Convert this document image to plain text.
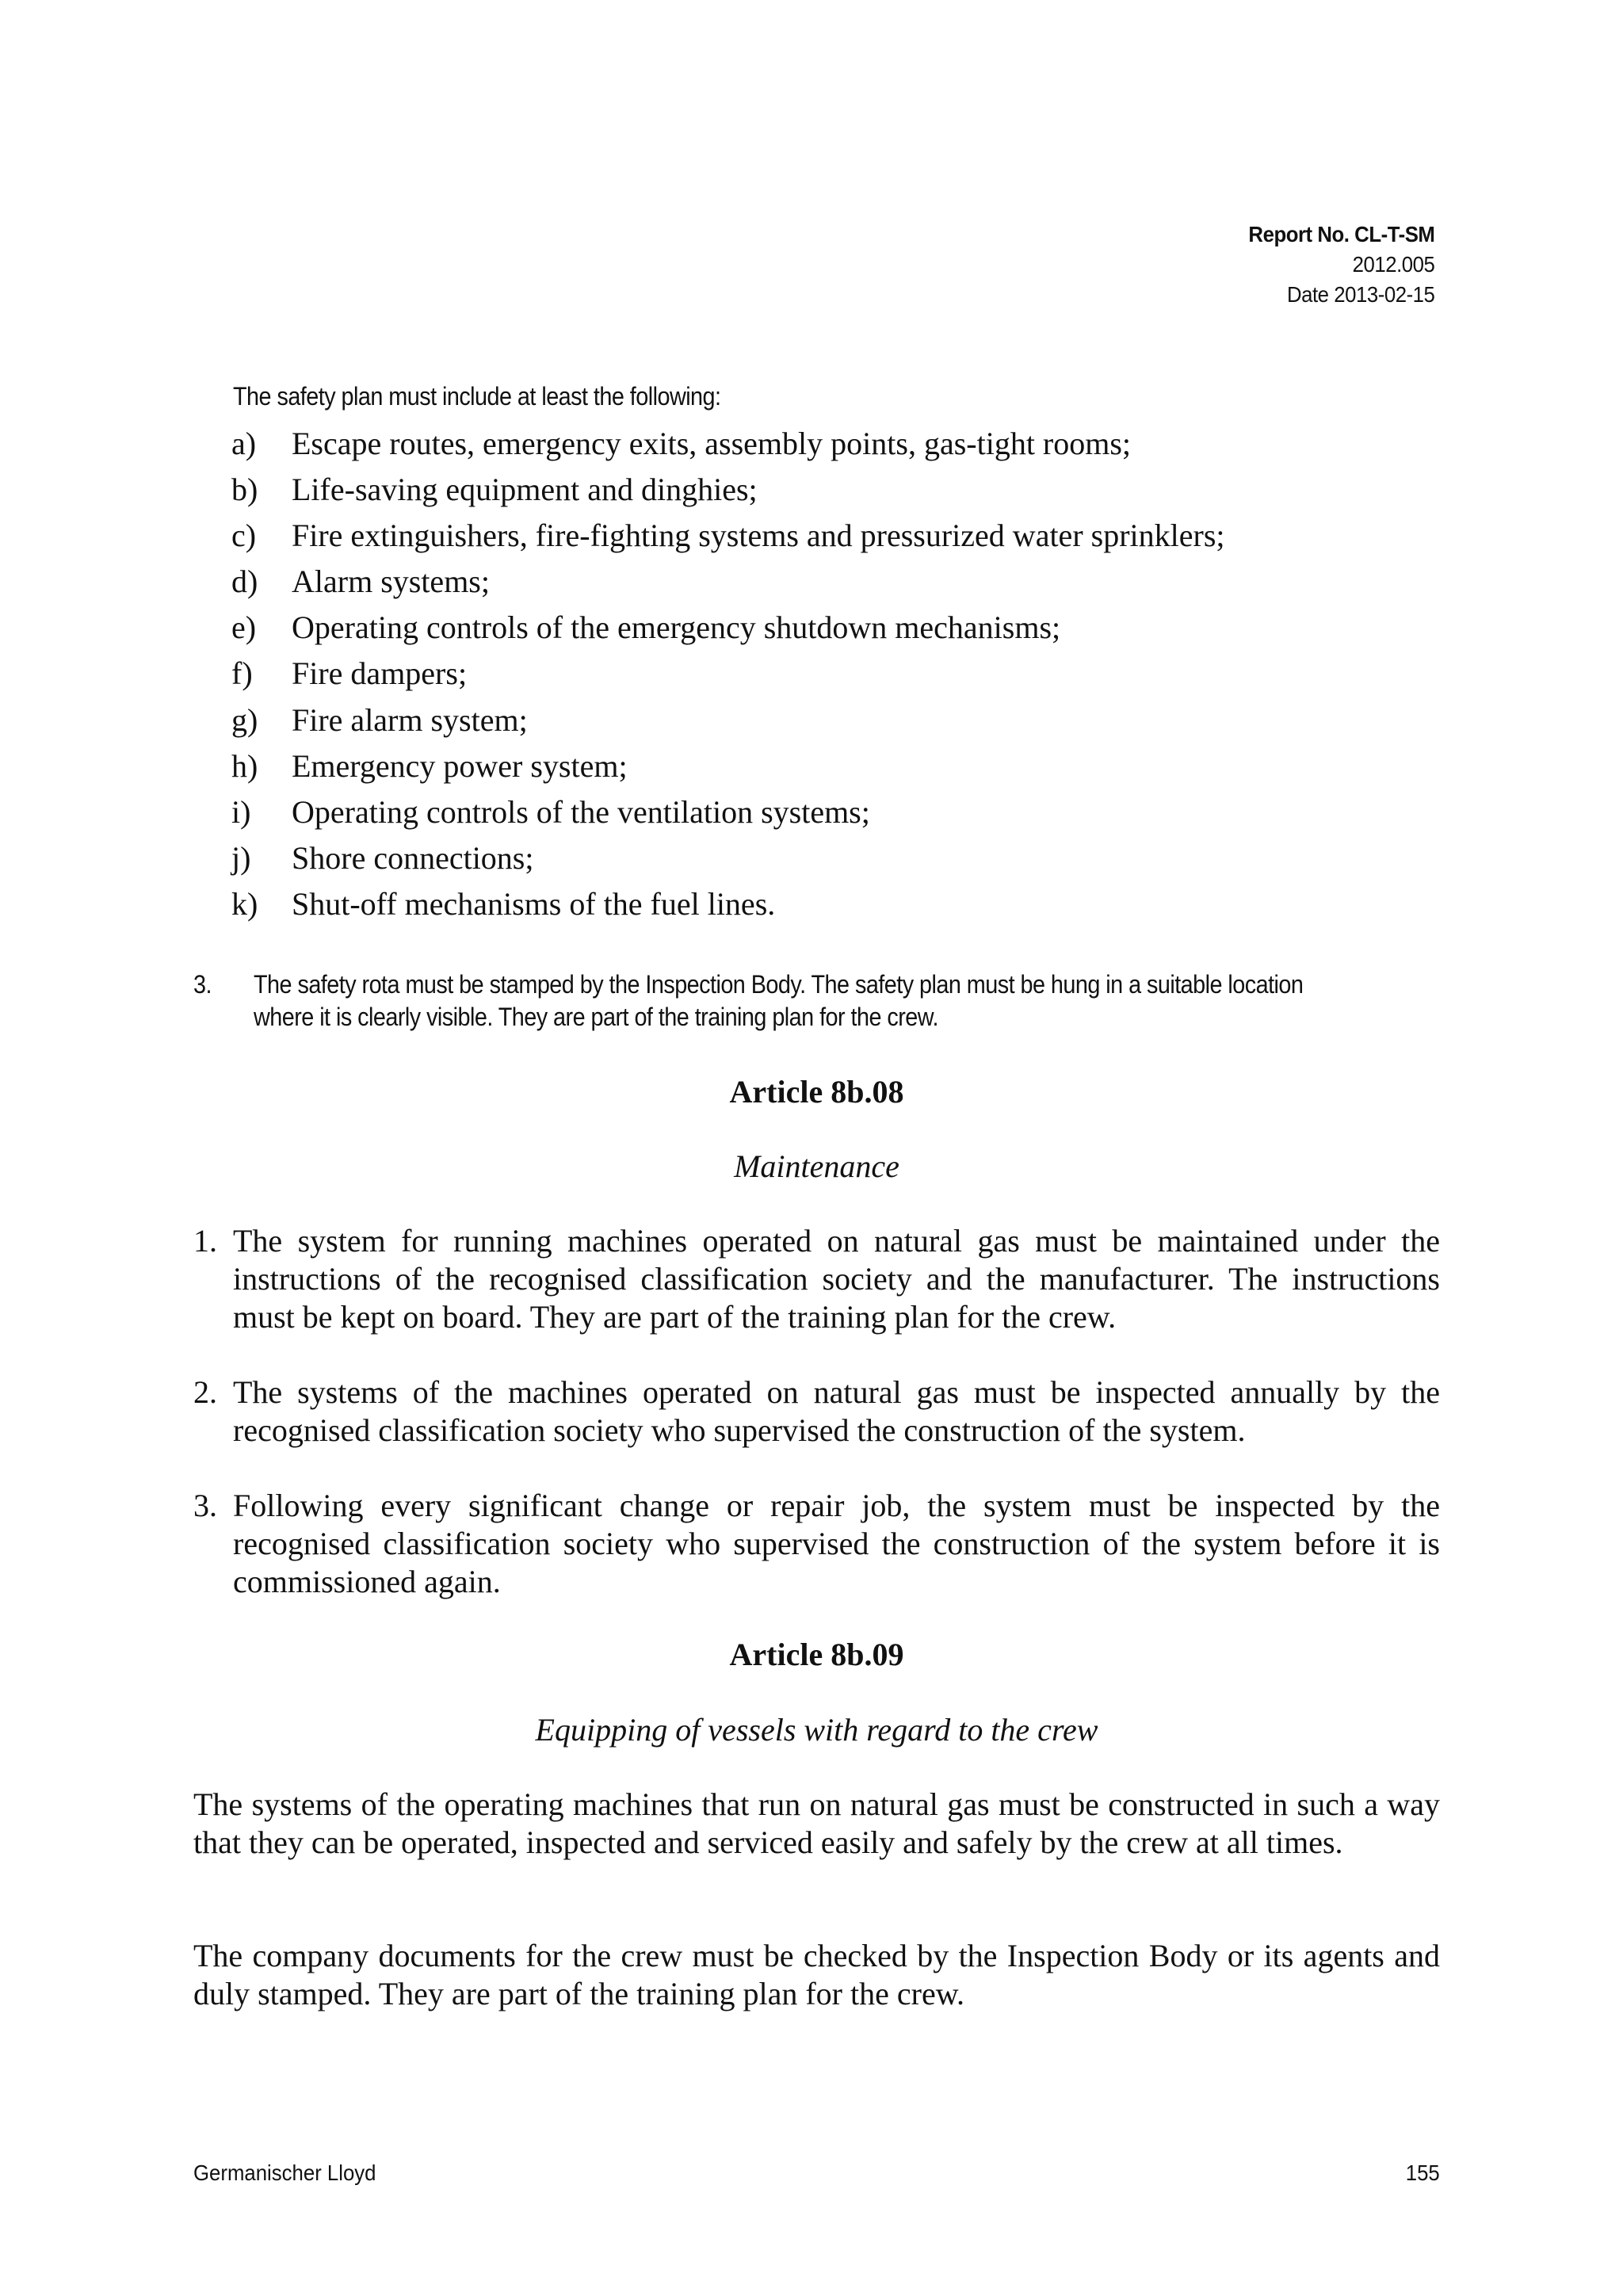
Report No. CL-T-SM
2012.005
Date 2013-02-15
The safety plan must include at least the following:
a)	Escape routes, emergency exits, assembly points, gas-tight rooms;
b)	Life-saving equipment and dinghies;
c)	Fire extinguishers, fire-fighting systems and pressurized water sprinklers;
d)	Alarm systems;
e)	Operating controls of the emergency shutdown mechanisms;
f)	Fire dampers;
g)	Fire alarm system;
h)	Emergency power system;
i)	Operating controls of the ventilation systems;
j)	Shore connections;
k)	Shut-off mechanisms of the fuel lines.
3.	The safety rota must be stamped by the Inspection Body. The safety plan must be hung in a suitable location where it is clearly visible. They are part of the training plan for the crew.
Article 8b.08
Maintenance
1. The system for running machines operated on natural gas must be maintained under the instructions of the recognised classification society and the manufacturer. The instructions must be kept on board. They are part of the training plan for the crew.
2. The systems of the machines operated on natural gas must be inspected annually by the recognised classification society who supervised the construction of the system.
3. Following every significant change or repair job, the system must be inspected by the recognised classification society who supervised the construction of the system before it is commissioned again.
Article 8b.09
Equipping of vessels with regard to the crew
The systems of the operating machines that run on natural gas must be constructed in such a way that they can be operated, inspected and serviced easily and safely by the crew at all times.
The company documents for the crew must be checked by the Inspection Body or its agents and duly stamped. They are part of the training plan for the crew.
Germanischer Lloyd	155
